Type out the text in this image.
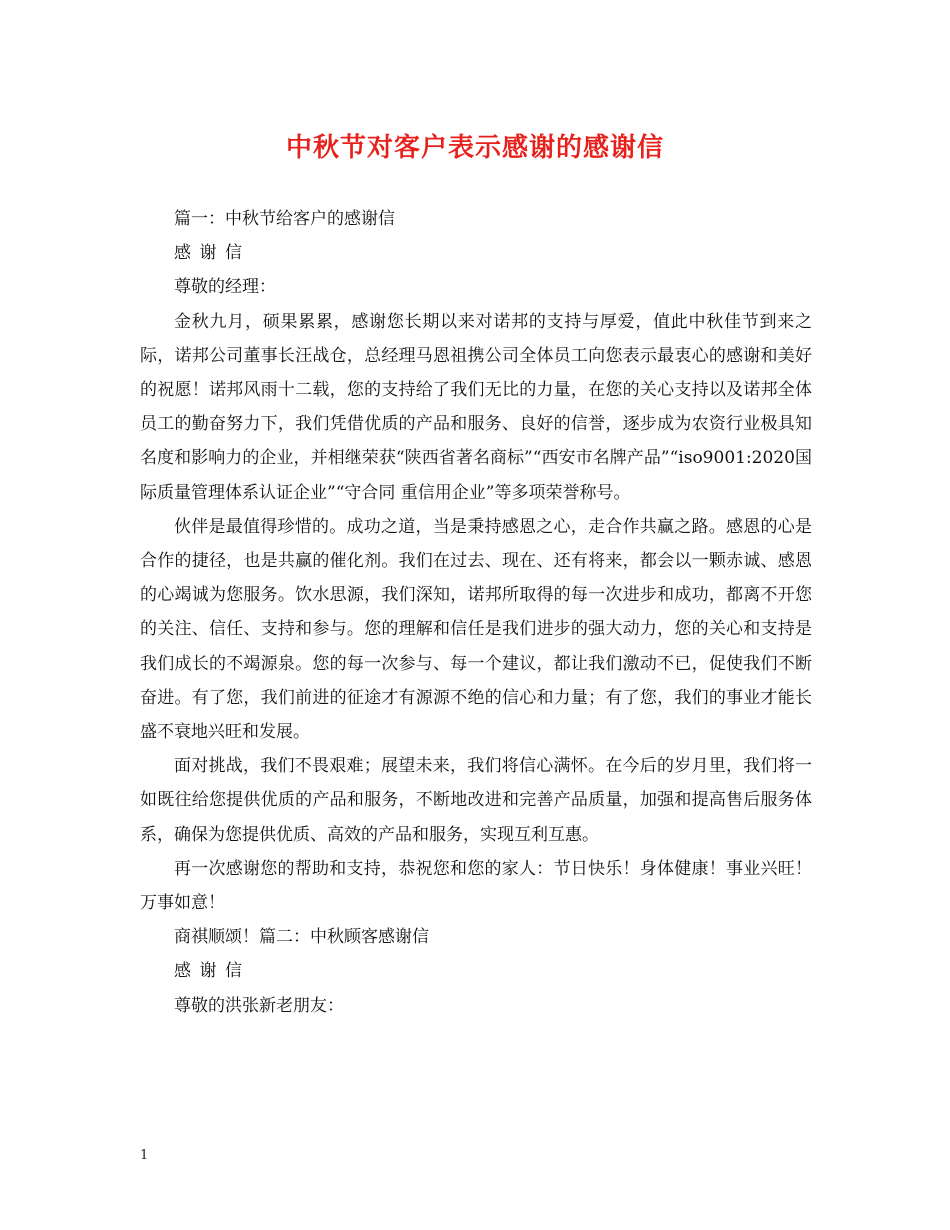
中秋节对客户表示感谢的感谢信

篇一：中秋节给客户的感谢信

感谢信

尊敬的经理：

金秋九月，硕果累累，感谢您长期以来对诺邦的支持与厚爱，值此中秋佳节到来之际，诺邦公司董事长汪战仓，总经理马恩祖携公司全体员工向您表示最衷心的感谢和美好的祝愿！诺邦风雨十二载，您的支持给了我们无比的力量，在您的关心支持以及诺邦全体员工的勤奋努力下，我们凭借优质的产品和服务、良好的信誉，逐步成为农资行业极具知名度和影响力的企业，并相继荣获“陕西省著名商标”“西安市名牌产品”“iso9001:2020国际质量管理体系认证企业”“守合同 重信用企业”等多项荣誉称号。

伙伴是最值得珍惜的。成功之道，当是秉持感恩之心，走合作共赢之路。感恩的心是合作的捷径，也是共赢的催化剂。我们在过去、现在、还有将来，都会以一颗赤诚、感恩的心竭诚为您服务。饮水思源，我们深知，诺邦所取得的每一次进步和成功，都离不开您的关注、信任、支持和参与。您的理解和信任是我们进步的强大动力，您的关心和支持是我们成长的不竭源泉。您的每一次参与、每一个建议，都让我们激动不已，促使我们不断奋进。有了您，我们前进的征途才有源源不绝的信心和力量；有了您，我们的事业才能长盛不衰地兴旺和发展。

面对挑战，我们不畏艰难；展望未来，我们将信心满怀。在今后的岁月里，我们将一如既往给您提供优质的产品和服务，不断地改进和完善产品质量，加强和提高售后服务体系，确保为您提供优质、高效的产品和服务，实现互利互惠。

再一次感谢您的帮助和支持，恭祝您和您的家人：节日快乐！身体健康！事业兴旺！万事如意！

商祺顺颂！篇二：中秋顾客感谢信

感谢信

尊敬的洪张新老朋友：

1
